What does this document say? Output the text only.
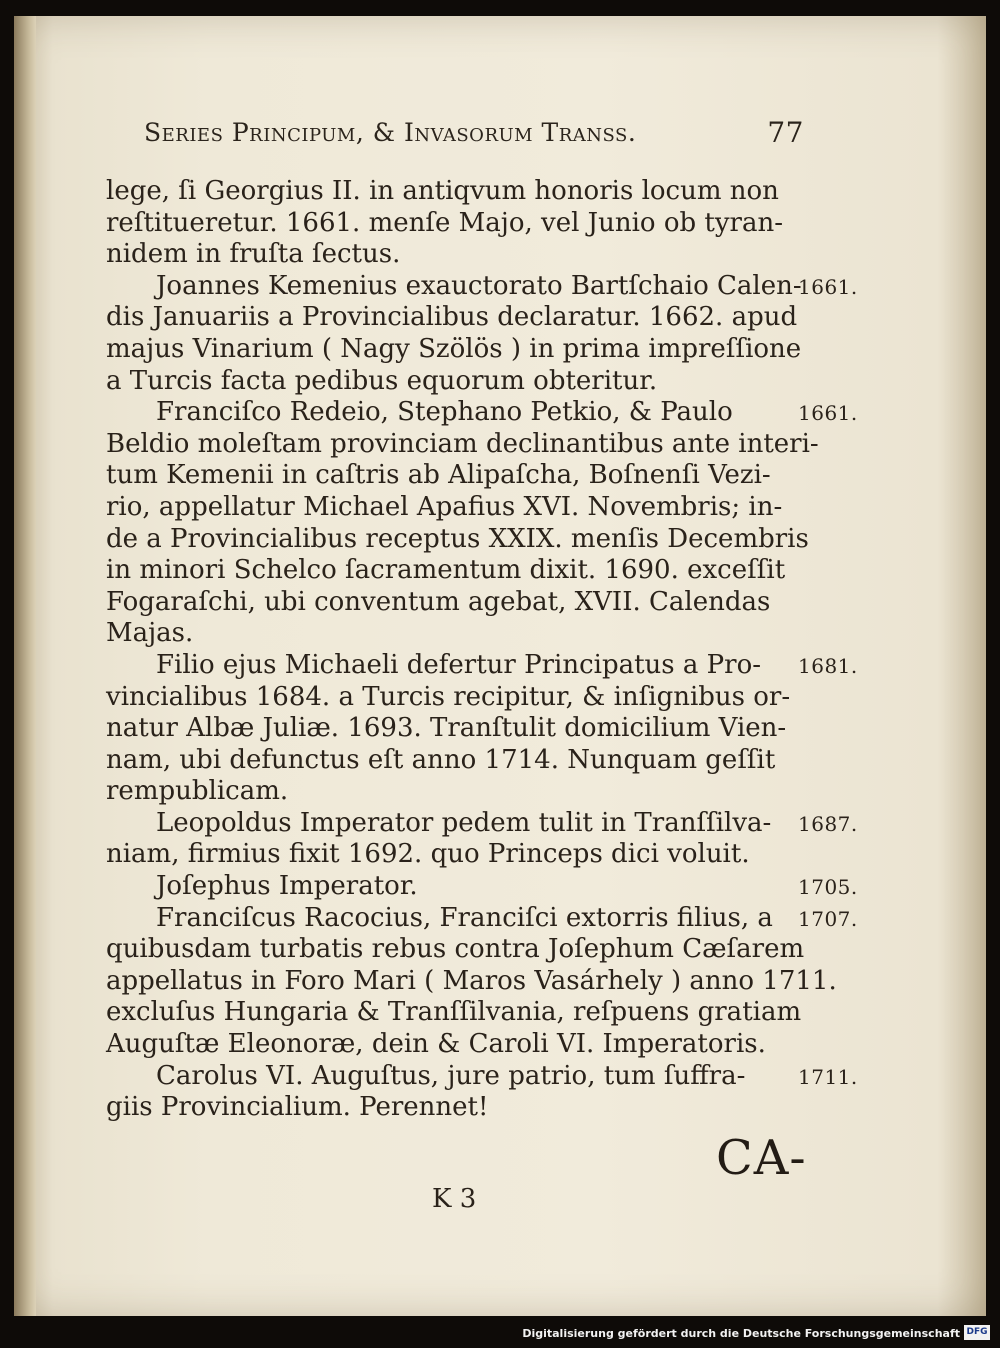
Series Principum, & Invasorum Transs.	77
lege, ſi Georgius II. in antiqvum honoris locum non
reſtitueretur. 1661. menſe Majo, vel Junio ob tyran-
nidem in fruſta ſectus.
Joannes Kemenius exauctorato Bartſchaio Calen-
1661.
dis Januariis a Provincialibus declaratur. 1662. apud
majus Vinarium ( Nagy Szölös ) in prima impreſſione
a Turcis facta pedibus equorum obteritur.
Franciſco Redeio, Stephano Petkio, & Paulo	1661.
Beldio moleſtam provinciam declinantibus ante interi-
tum Kemenii in caſtris ab Alipaſcha, Boſnenſi Vezi-
rio, appellatur Michael Apafius XVI. Novembris; in-
de a Provincialibus receptus XXIX. menſis Decembris
in minori Schelco ſacramentum dixit. 1690. exceſſit
Fogaraſchi, ubi conventum agebat, XVII. Calendas
Majas.
Filio ejus Michaeli defertur Principatus a Pro- 1681.
vincialibus 1684. a Turcis recipitur, & inſignibus or-
natur Albæ Juliæ. 1693. Tranſtulit domicilium Vien-
nam, ubi defunctus eſt anno 1714. Nunquam geſſit
rempublicam.
Leopoldus Imperator pedem tulit in Tranſſilva- 1687.
niam, firmius fixit 1692. quo Princeps dici voluit.
Joſephus Imperator.	1705.
Franciſcus Racocius, Franciſci extorris filius, a 1707.
quibusdam turbatis rebus contra Joſephum Cæſarem
appellatus in Foro Mari ( Maros Vasárhely ) anno 1711.
excluſus Hungaria & Tranſſilvania, reſpuens gratiam
Auguſtæ Eleonoræ, dein & Caroli VI. Imperatoris.
Carolus VI. Auguſtus, jure patrio, tum ſuffra-	1711.
giis Provincialium. Perennet!
CA-
K 3
Digitalisierung gefördert durch die Deutsche Forschungsgemeinschaft DFG
